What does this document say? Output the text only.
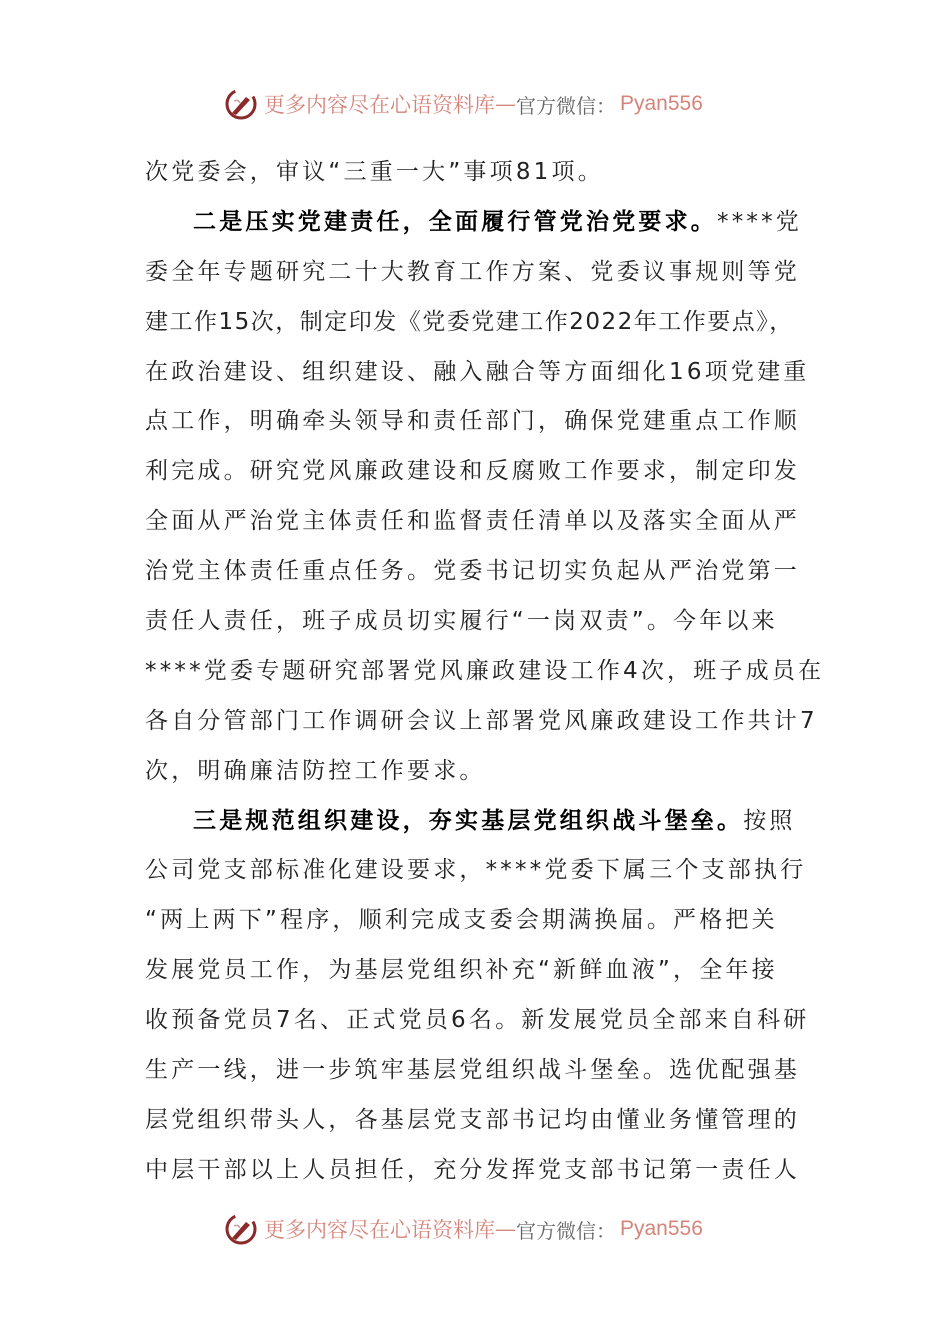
更多内容尽在心语资料库 — 官方微信： Pyan556
次党委会，审议“三重一大”事项81项。
二是压实党建责任，全面履行管党治党要求。****党
委全年专题研究二十大教育工作方案、党委议事规则等党
建工作15次，制定印发《党委党建工作2022年工作要点》，
在政治建设、组织建设、融入融合等方面细化16项党建重
点工作，明确牵头领导和责任部门，确保党建重点工作顺
利完成。研究党风廉政建设和反腐败工作要求，制定印发
全面从严治党主体责任和监督责任清单以及落实全面从严
治党主体责任重点任务。党委书记切实负起从严治党第一
责任人责任，班子成员切实履行“一岗双责”。今年以来
****党委专题研究部署党风廉政建设工作4次，班子成员在
各自分管部门工作调研会议上部署党风廉政建设工作共计7
次，明确廉洁防控工作要求。
三是规范组织建设，夯实基层党组织战斗堡垒。按照
公司党支部标准化建设要求，****党委下属三个支部执行
“两上两下”程序，顺利完成支委会期满换届。严格把关
发展党员工作，为基层党组织补充“新鲜血液”，全年接
收预备党员7名、正式党员6名。新发展党员全部来自科研
生产一线，进一步筑牢基层党组织战斗堡垒。选优配强基
层党组织带头人，各基层党支部书记均由懂业务懂管理的
中层干部以上人员担任，充分发挥党支部书记第一责任人
更多内容尽在心语资料库 — 官方微信： Pyan556
